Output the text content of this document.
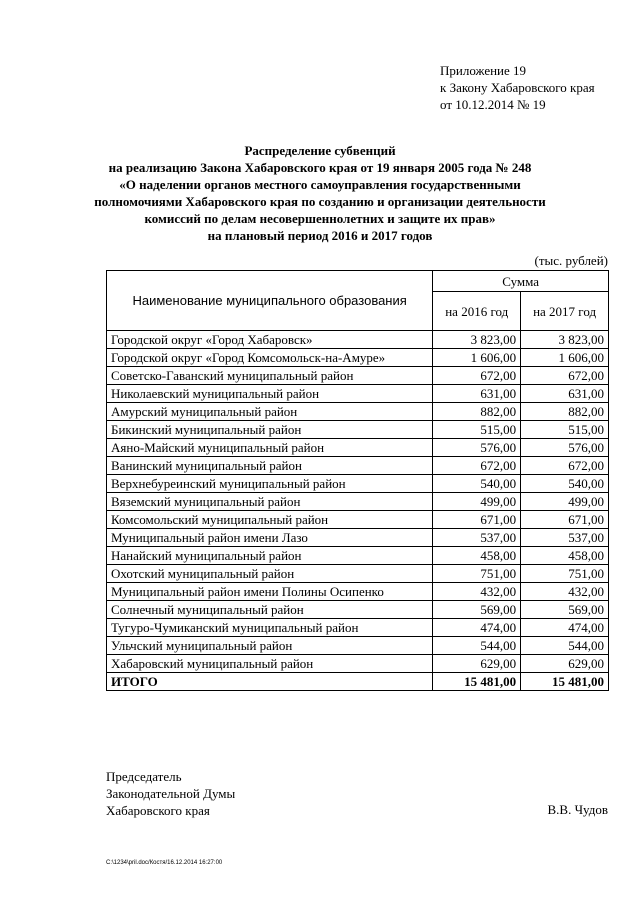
Приложение 19
к Закону Хабаровского края
от 10.12.2014 № 19
Распределение субвенций
на реализацию Закона Хабаровского края от 19 января 2005 года № 248
«О наделении органов местного самоуправления государственными
полномочиями Хабаровского края по созданию и организации деятельности
комиссий по делам несовершеннолетних и защите их прав»
на плановый период 2016 и 2017 годов
(тыс. рублей)
Наименование муниципального образования	Сумма	
	на 2016 год	на 2017 год
Городской округ «Город Хабаровск»	3 823,00	3 823,00
Городской округ «Город Комсомольск-на-Амуре»	1 606,00	1 606,00
Советско-Гаванский муниципальный район	672,00	672,00
Николаевский муниципальный район	631,00	631,00
Амурский муниципальный район	882,00	882,00
Бикинский муниципальный район	515,00	515,00
Аяно-Майский муниципальный район	576,00	576,00
Ванинский муниципальный район	672,00	672,00
Верхнебуреинский муниципальный район	540,00	540,00
Вяземский муниципальный район	499,00	499,00
Комсомольский муниципальный район	671,00	671,00
Муниципальный район имени Лазо	537,00	537,00
Нанайский муниципальный район	458,00	458,00
Охотский муниципальный район	751,00	751,00
Муниципальный район имени Полины Осипенко	432,00	432,00
Солнечный муниципальный район	569,00	569,00
Тугуро-Чумиканский муниципальный район	474,00	474,00
Ульчский муниципальный район	544,00	544,00
Хабаровский муниципальный район	629,00	629,00
ИТОГО	15 481,00	15 481,00
Председатель
Законодательной Думы
Хабаровского края	В.В. Чудов
C:\1234\pril.doc/Костя/16.12.2014 16:27:00
